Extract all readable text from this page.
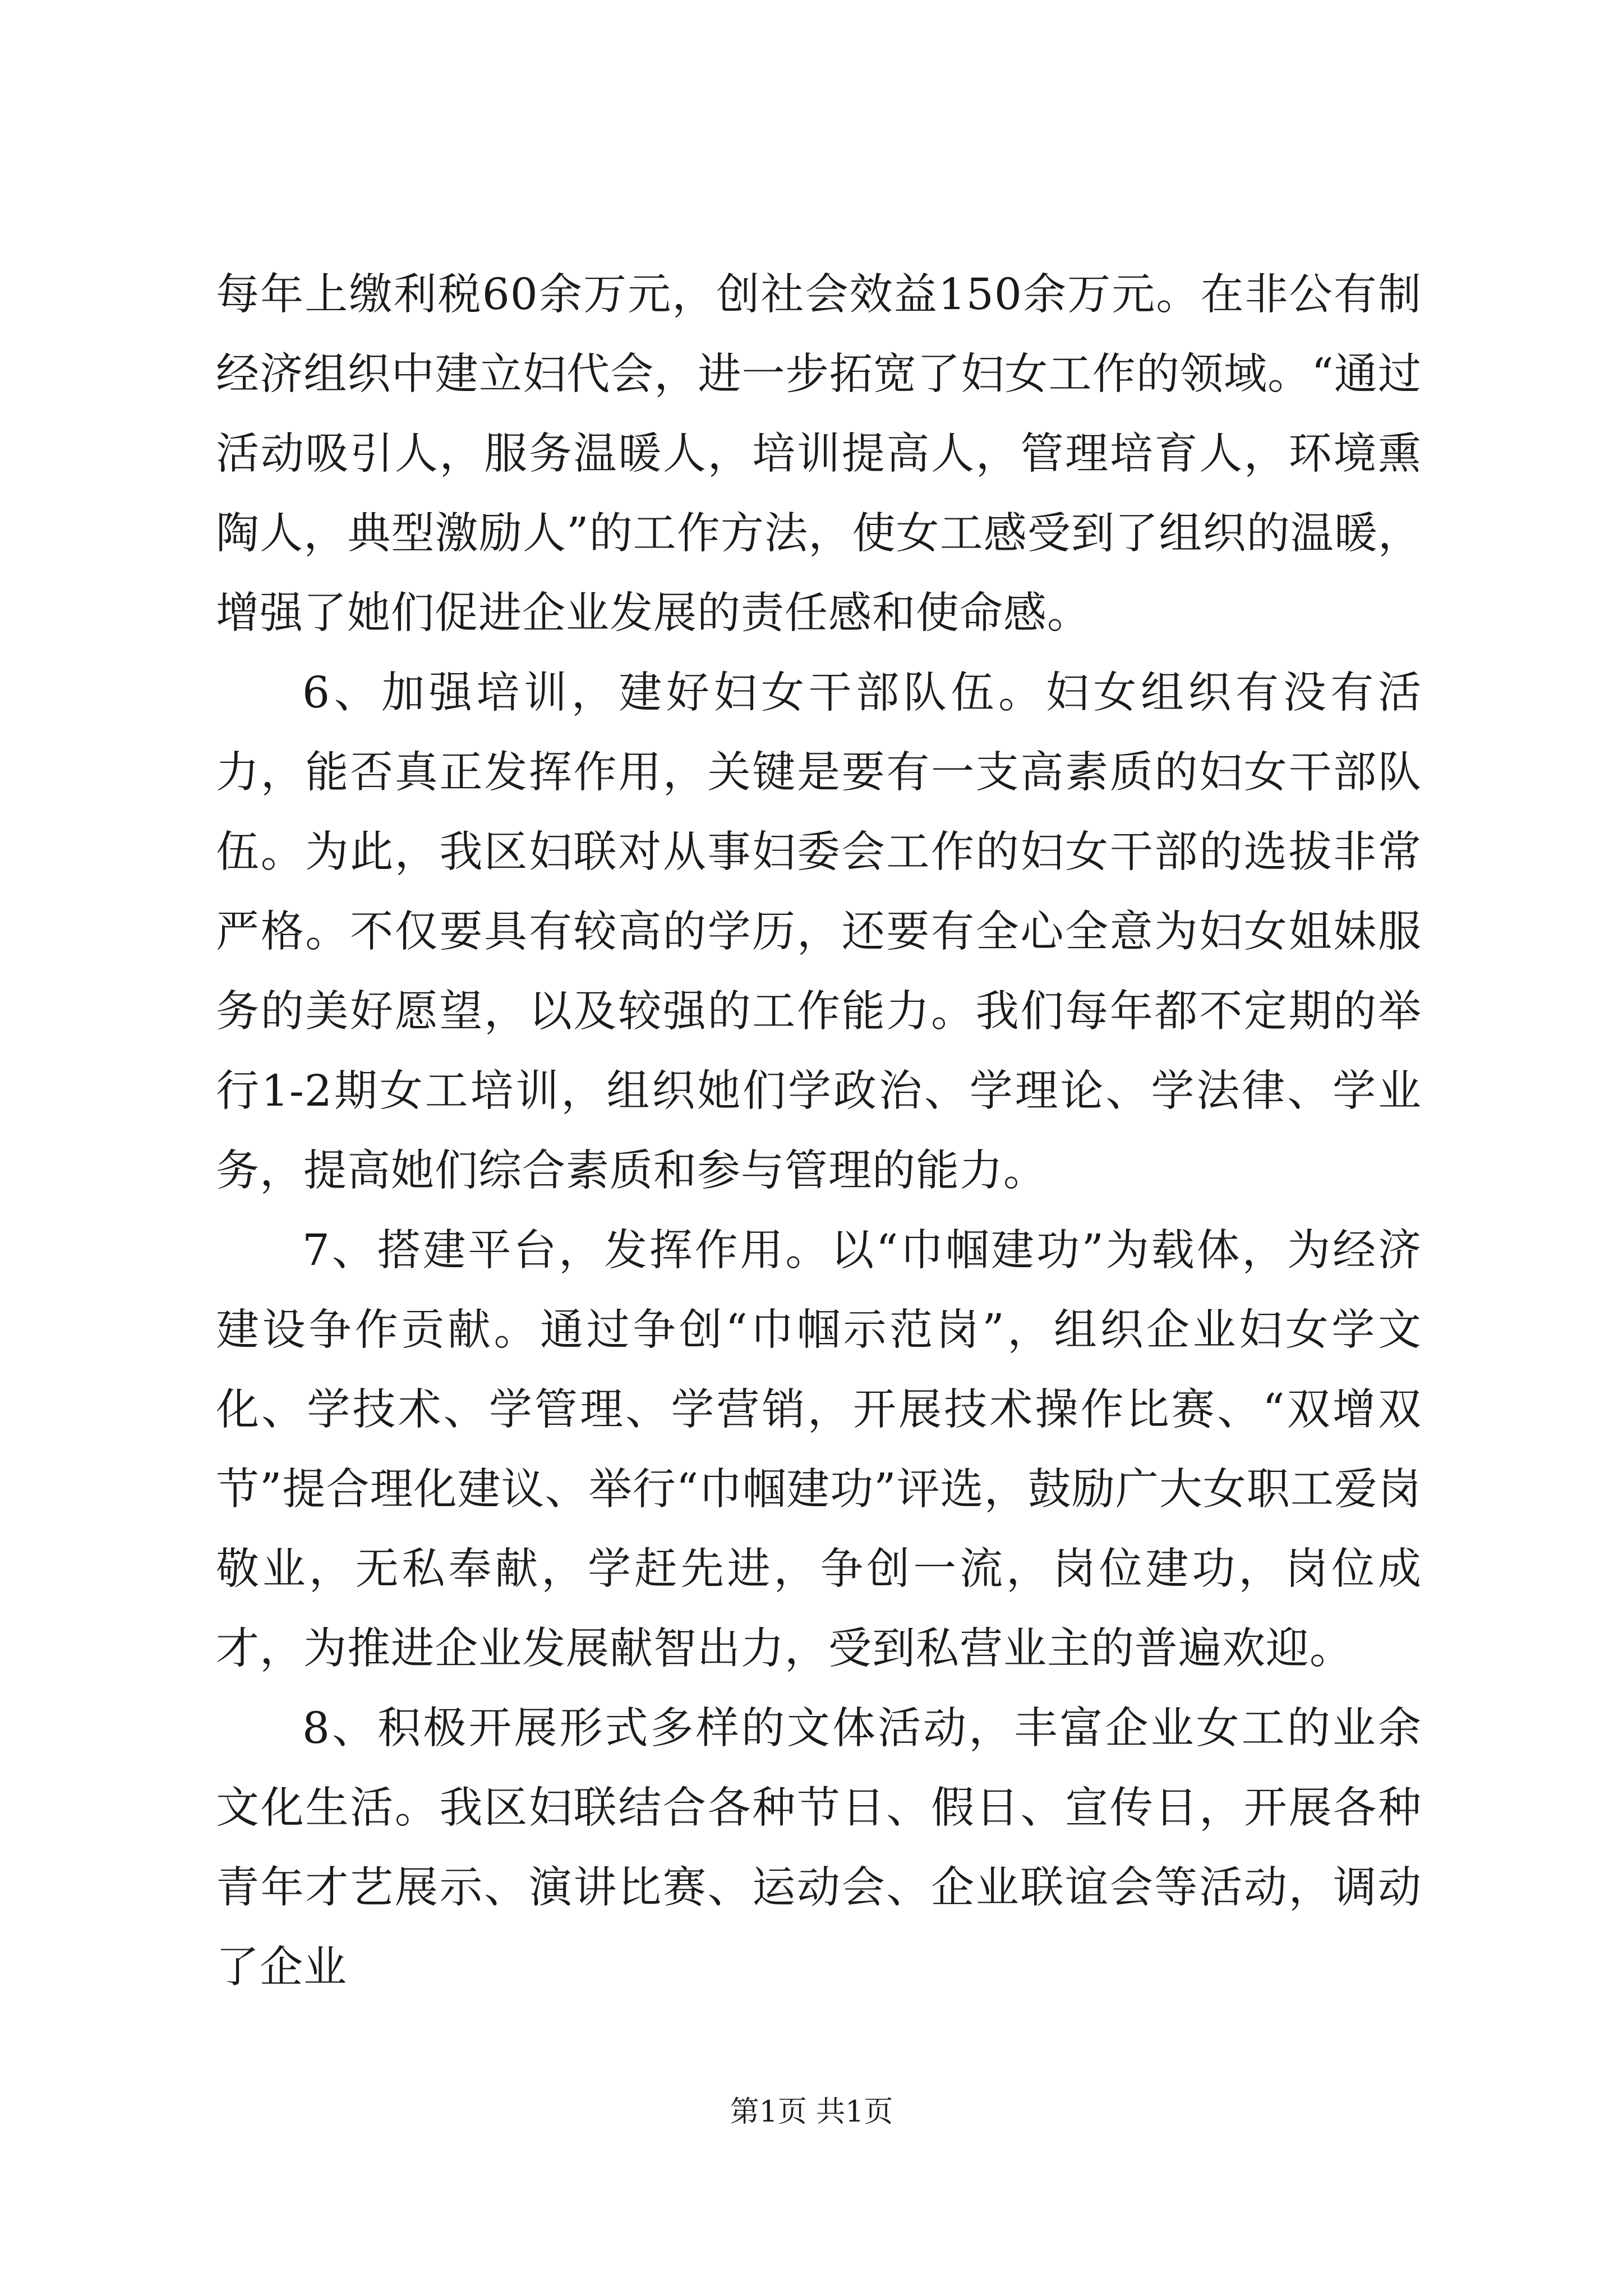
每年上缴利税60余万元，创社会效益150余万元。在非公有制经济组织中建立妇代会，进一步拓宽了妇女工作的领域。“通过活动吸引人，服务温暖人，培训提高人，管理培育人，环境熏陶人，典型激励人”的工作方法，使女工感受到了组织的温暖，增强了她们促进企业发展的责任感和使命感。

6、加强培训，建好妇女干部队伍。妇女组织有没有活力，能否真正发挥作用，关键是要有一支高素质的妇女干部队伍。为此，我区妇联对从事妇委会工作的妇女干部的选拔非常严格。不仅要具有较高的学历，还要有全心全意为妇女姐妹服务的美好愿望，以及较强的工作能力。我们每年都不定期的举行1-2期女工培训，组织她们学政治、学理论、学法律、学业务，提高她们综合素质和参与管理的能力。

7、搭建平台，发挥作用。以“巾帼建功”为载体，为经济建设争作贡献。通过争创“巾帼示范岗”，组织企业妇女学文化、学技术、学管理、学营销，开展技术操作比赛、“双增双节”提合理化建议、举行“巾帼建功”评选，鼓励广大女职工爱岗敬业，无私奉献，学赶先进，争创一流，岗位建功，岗位成才，为推进企业发展献智出力，受到私营业主的普遍欢迎。

8、积极开展形式多样的文体活动，丰富企业女工的业余文化生活。我区妇联结合各种节日、假日、宣传日，开展各种青年才艺展示、演讲比赛、运动会、企业联谊会等活动，调动了企业

第1页 共1页
